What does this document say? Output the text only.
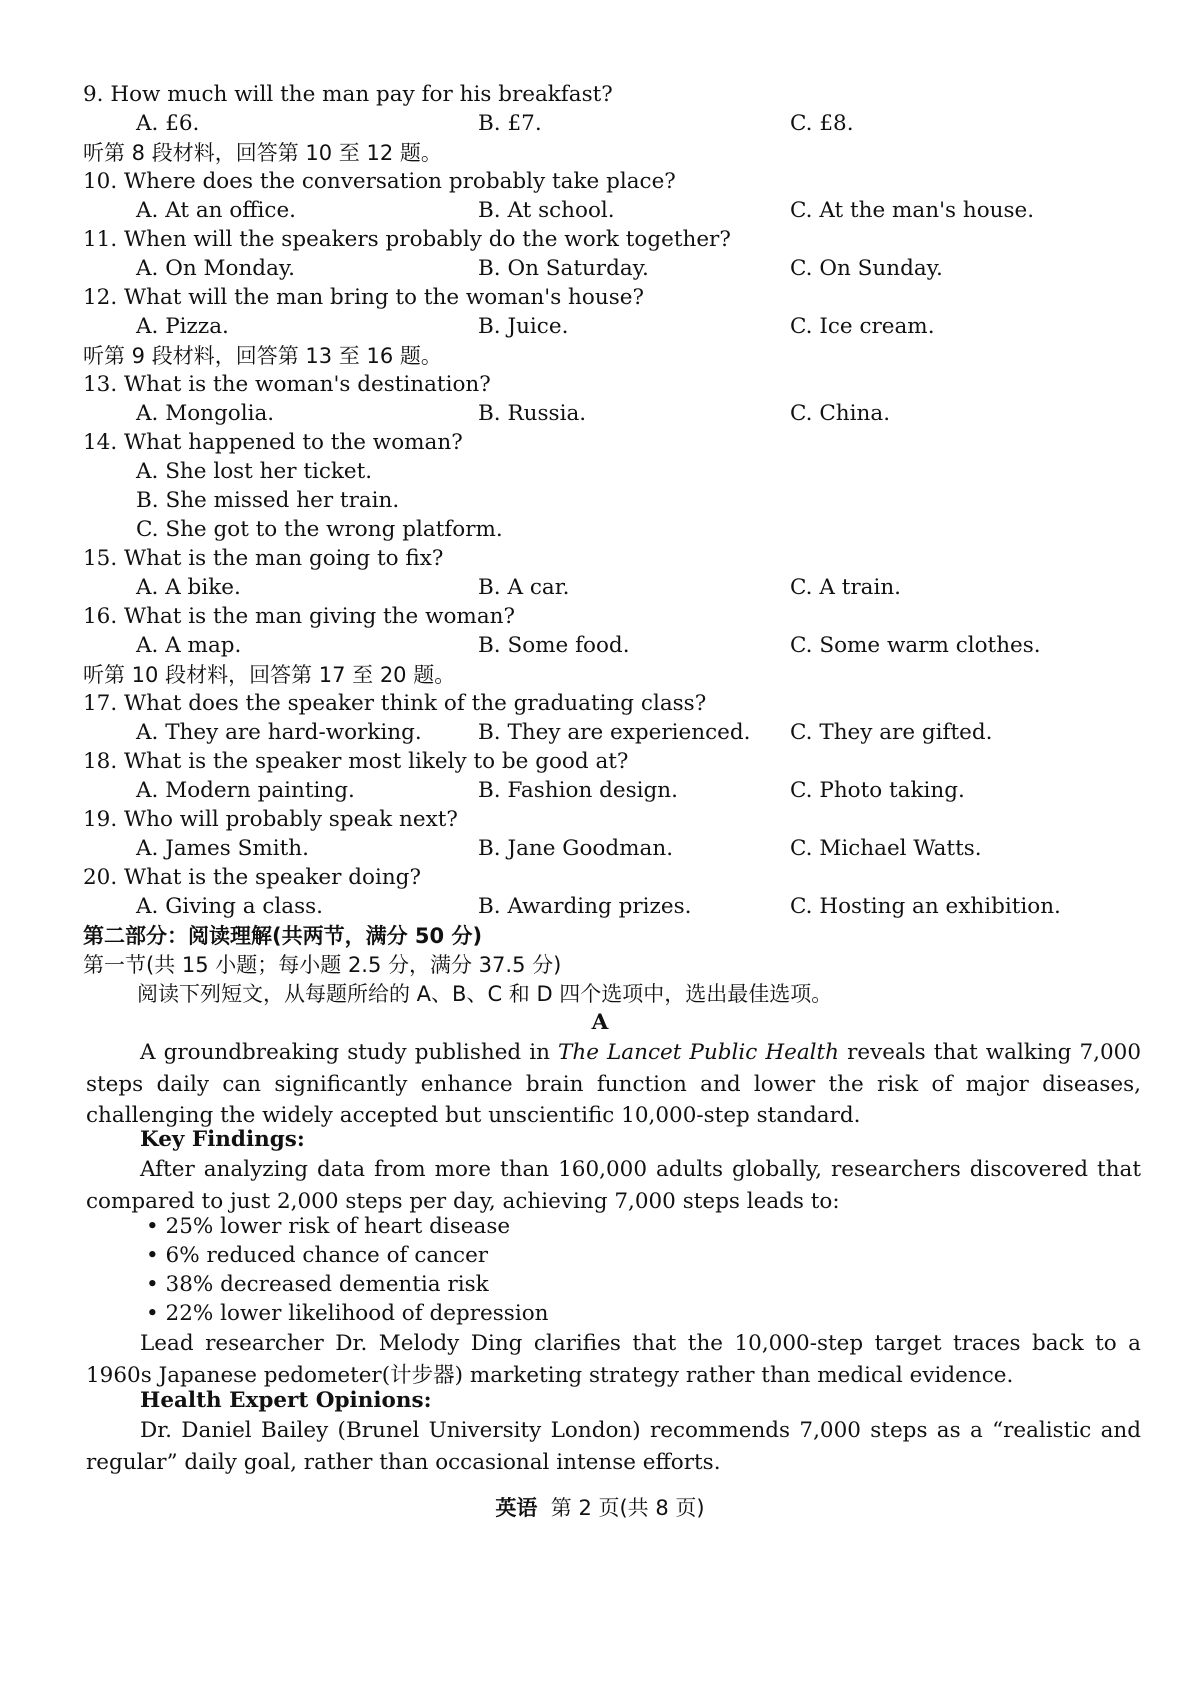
9. How much will the man pay for his breakfast?
A. £6.	B. £7.	C. £8.
听第 8 段材料，回答第 10 至 12 题。
10. Where does the conversation probably take place?
A. At an office.	B. At school.	C. At the man's house.
11. When will the speakers probably do the work together?
A. On Monday.	B. On Saturday.	C. On Sunday.
12. What will the man bring to the woman's house?
A. Pizza.	B. Juice.	C. Ice cream.
听第 9 段材料，回答第 13 至 16 题。
13. What is the woman's destination?
A. Mongolia.	B. Russia.	C. China.
14. What happened to the woman?
A. She lost her ticket.
B. She missed her train.
C. She got to the wrong platform.
15. What is the man going to fix?
A. A bike.	B. A car.	C. A train.
16. What is the man giving the woman?
A. A map.	B. Some food.	C. Some warm clothes.
听第 10 段材料，回答第 17 至 20 题。
17. What does the speaker think of the graduating class?
A. They are hard-working.	B. They are experienced. C. They are gifted.
18. What is the speaker most likely to be good at?
A. Modern painting.	B. Fashion design.	C. Photo taking.
19. Who will probably speak next?
A. James Smith.	B. Jane Goodman.	C. Michael Watts.
20. What is the speaker doing?
A. Giving a class.	B. Awarding prizes.	C. Hosting an exhibition.
第二部分：阅读理解(共两节，满分 50 分)
第一节(共 15 小题；每小题 2.5 分，满分 37.5 分)
阅读下列短文，从每题所给的 A、B、C 和 D 四个选项中，选出最佳选项。
A
A groundbreaking study published in The Lancet Public Health reveals that walking 7,000 steps daily can significantly enhance brain function and lower the risk of major diseases, challenging the widely accepted but unscientific 10,000-step standard.
Key Findings:
After analyzing data from more than 160,000 adults globally, researchers discovered that compared to just 2,000 steps per day, achieving 7,000 steps leads to:
• 25% lower risk of heart disease
• 6% reduced chance of cancer
• 38% decreased dementia risk
• 22% lower likelihood of depression
Lead researcher Dr. Melody Ding clarifies that the 10,000-step target traces back to a 1960s Japanese pedometer(计步器) marketing strategy rather than medical evidence.
Health Expert Opinions:
Dr. Daniel Bailey (Brunel University London) recommends 7,000 steps as a “realistic and regular” daily goal, rather than occasional intense efforts.
英语 第 2 页(共 8 页)
